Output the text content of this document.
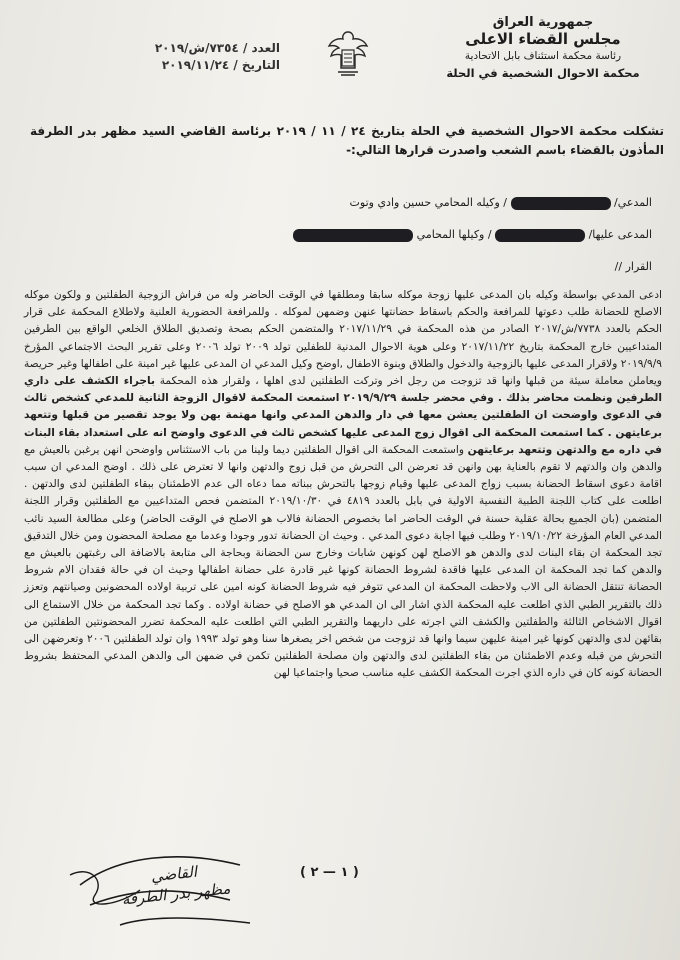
جمهورية العراق
مجلس القضاء الاعلى
رئاسة محكمة استئناف بابل الاتحادية
محكمة الاحوال الشخصية في الحلة
العدد / ٧٣٥٤/ش/٢٠١٩
التاريخ / ٢٠١٩/١١/٢٤
تشكلت محكمة الاحوال الشخصية في الحلة بتاريخ ٢٤ / ١١ / ٢٠١٩ برئاسة القاضي السيد مظهر بدر الطرفة المأذون بالقضاء باسم الشعب واصدرت قرارها التالي:-
المدعي/  / وكيله المحامي حسين وادي وتوت
المدعى عليها/  / وكيلها المحامي
القرار //
ادعى المدعي بواسطة وكيله بان المدعى عليها زوجة موكله سابقا ومطلقها في الوقت الحاضر وله من فراش الزوجية الطفلتين و ولكون موكله الاصلح للحضانة طلب دعوتها للمرافعة والحكم باسقاط حضانتها عنهن وضمهن لموكله . وللمرافعة الحضورية العلنية ولاطلاع المحكمة على قرار الحكم بالعدد ٧٧٣٨/ش/٢٠١٧ الصادر من هذه المحكمة في ٢٠١٧/١١/٢٩ والمتضمن الحكم بصحة وتصديق الطلاق الخلعي الواقع بين الطرفين المتداعيين خارج المحكمة بتاريخ ٢٠١٧/١١/٢٢ وعلى هوية الاحوال المدنية للطفلين تولد ٢٠٠٩ تولد ٢٠٠٦ وعلى تقرير البحث الاجتماعي المؤرخ ٢٠١٩/٩/٩ ولاقرار المدعى عليها بالزوجية والدخول والطلاق وبنوة الاطفال ,اوضح وكيل المدعي ان المدعى عليها غير امينة على اطفالها وغير حريصة ويعاملن معاملة سيئة من قبلها وانها قد تزوجت من رجل اخر وتركت الطفلتين لدى اهلها ، ولقرار هذه المحكمة باجراء الكشف على داري الطرفين ونظمت محاضر بذلك . وفي محضر جلسة ٢٠١٩/٩/٢٩ استمعت المحكمة لاقوال الزوجة الثانية للمدعي كشخص ثالث في الدعوى واوضحت ان الطفلتين يعشن معها في دار والدهن المدعي وانها مهتمة بهن ولا يوجد تقصير من قبلها وتتعهد برعايتهن . كما استمعت المحكمة الى اقوال زوج المدعى عليها كشخص ثالث في الدعوى واوضح انه على استعداد بقاء البنات في داره مع والدتهن وتتعهد برعايتهن واستمعت المحكمة الى اقوال الطفلتين ديما ولينا من باب الاستئناس واوضحن انهن يرغبن بالعيش مع والدهن وان والدتهم لا تقوم بالعناية بهن وانهن قد تعرضن الى التحرش من قبل زوج والدتهن وانها لا تعترض على ذلك . اوضح المدعي ان سبب اقامة دعوى اسقاط الحضانة بسبب زواج المدعى عليها وقيام زوجها بالتحرش ببناته مما دعاه الى عدم الاطمئنان ببقاء الطفلتين لدى والدتهن . اطلعت على كتاب اللجنة الطبية النفسية الاولية في بابل بالعدد ٤٨١٩ في ٢٠١٩/١٠/٣٠ المتضمن فحص المتداعيين مع الطفلتين وقرار اللجنة المتضمن (بان الجميع بحالة عقلية حسنة في الوقت الحاضر اما بخصوص الحضانة فالاب هو الاصلح في الوقت الحاضر) وعلى مطالعة السيد نائب المدعي العام المؤرخة ٢٠١٩/١٠/٢٢ وطلب فيها اجابة دعوى المدعي . وحيث ان الحضانة تدور وجودا وعدما مع مصلحة المحضون ومن خلال التدقيق تجد المحكمة ان بقاء البنات لدى والدهن هو الاصلح لهن كونهن شابات وخارج سن الحضانة وبحاجة الى متابعة بالاضافة الى رغبتهن بالعيش مع والدهن كما تجد المحكمة ان المدعى عليها فاقدة لشروط الحضانة كونها غير قادرة على حضانة اطفالها وحيث ان في حالة فقدان الام شروط الحضانة تنتقل الحضانة الى الاب ولاحظت المحكمة ان المدعي تتوفر فيه شروط الحضانة كونه امين على تربية اولاده المحضونين وصيانتهم وتعزز ذلك بالتقرير الطبي الذي اطلعت عليه المحكمة الذي اشار الى ان المدعي هو الاصلح في حضانة اولاده . وكما تجد المحكمة من خلال الاستماع الى اقوال الاشخاص الثالثة والطفلتين والكشف التي اجرته على داريهما والتقرير الطبي التي اطلعت عليه المحكمة تضرر المحضونتين الطفلتين من بقائهن لدى والدتهن كونها غير امينة عليهن سيما وانها قد تزوجت من شخص اخر يصغرها سنا وهو تولد ١٩٩٣ وان تولد الطفلتين ٢٠٠٦ وتعرضهن الى التحرش من قبله وعدم الاطمئنان من بقاء الطفلتين لدى والدتهن وان مصلحة الطفلتين تكمن في ضمهن الى والدهن المدعي المحتفظ بشروط الحضانة كونه كان في داره الذي اجرت المحكمة الكشف عليه مناسب صحيا واجتماعيا لهن
( ١ — ٢ )
القاضي
مظهر بدر الطرفة
